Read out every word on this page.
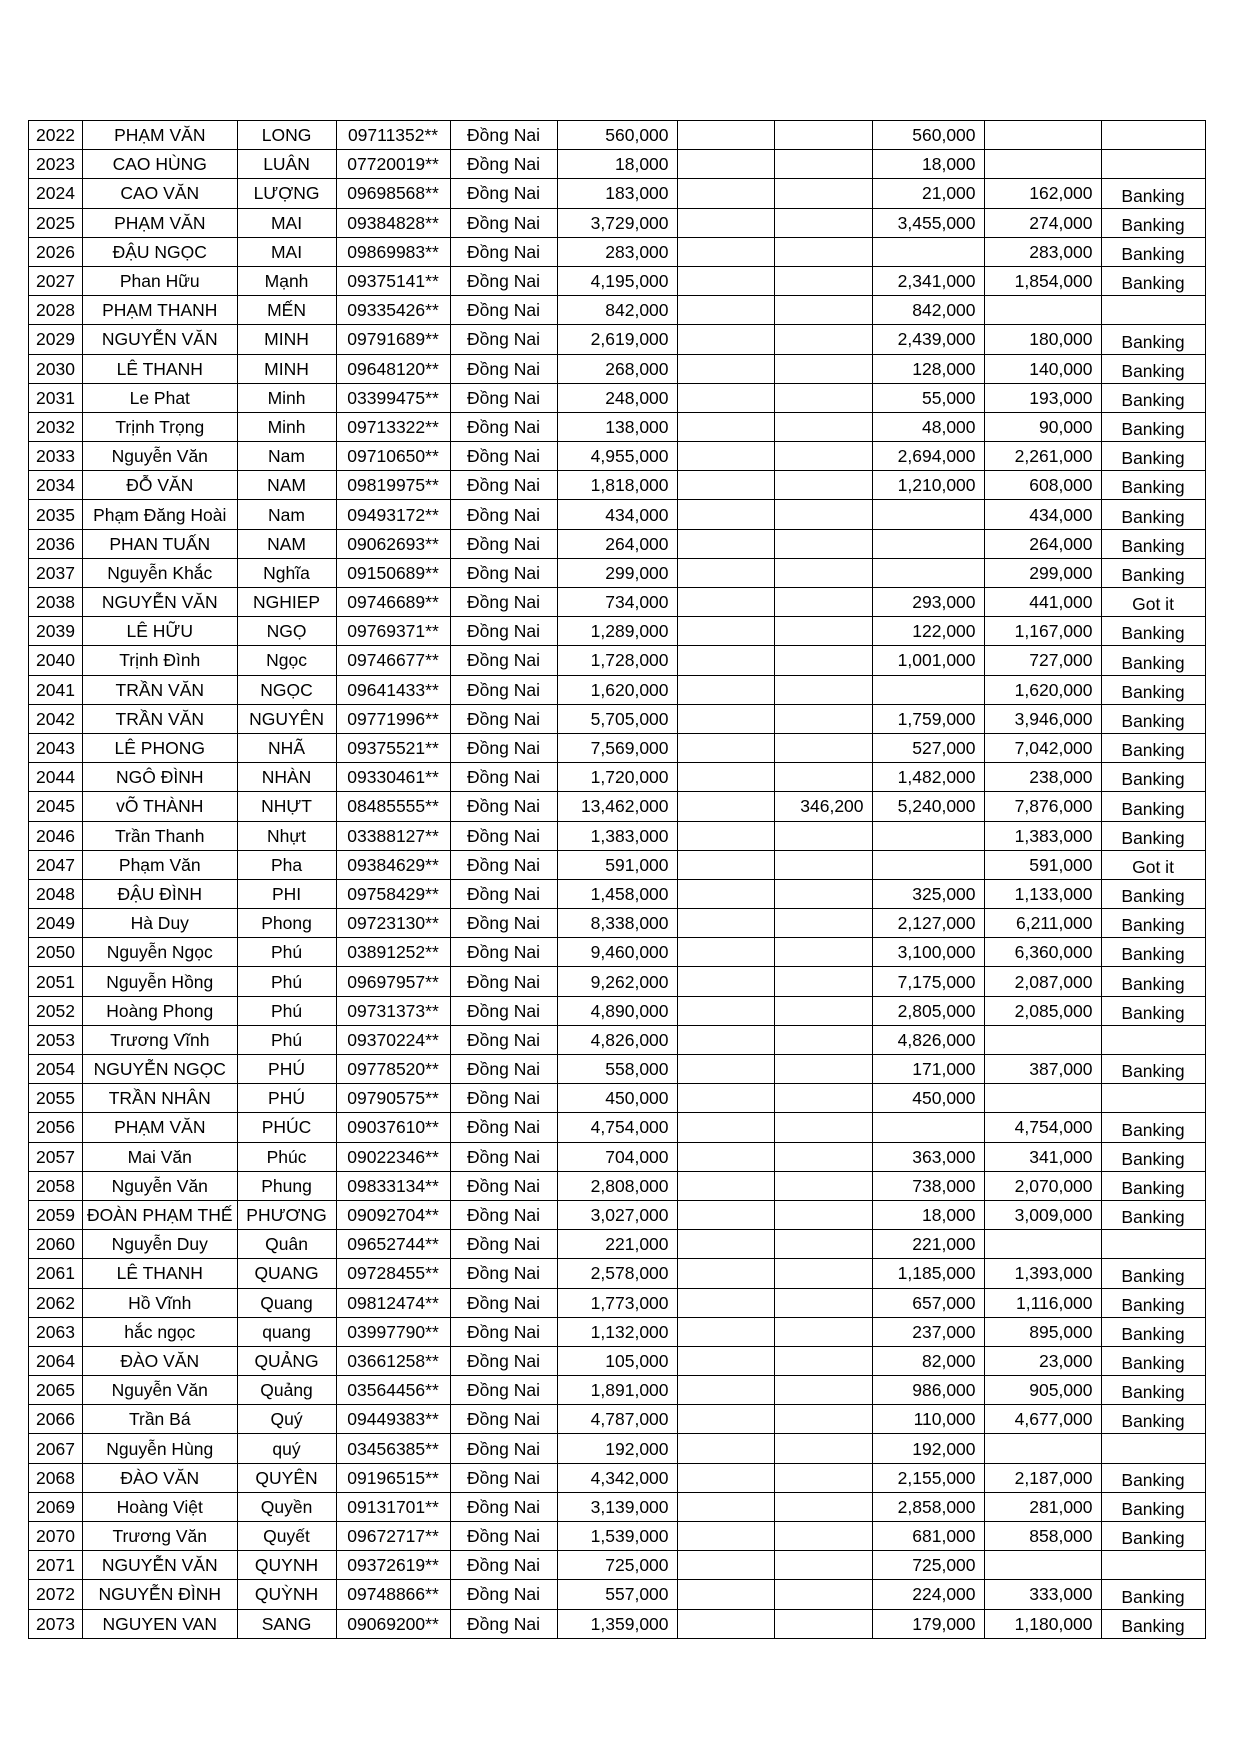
2022	PHẠM VĂN	LONG	09711352**	Đồng Nai	560,000			560,000		
2023	CAO HÙNG	LUÂN	07720019**	Đồng Nai	18,000			18,000		
2024	CAO VĂN	LƯỢNG	09698568**	Đồng Nai	183,000			21,000	162,000	Banking
2025	PHẠM VĂN	MAI	09384828**	Đồng Nai	3,729,000			3,455,000	274,000	Banking
2026	ĐẬU NGỌC	MAI	09869983**	Đồng Nai	283,000				283,000	Banking
2027	Phan Hữu	Mạnh	09375141**	Đồng Nai	4,195,000			2,341,000	1,854,000	Banking
2028	PHẠM THANH	MẾN	09335426**	Đồng Nai	842,000			842,000		
2029	NGUYỄN VĂN	MINH	09791689**	Đồng Nai	2,619,000			2,439,000	180,000	Banking
2030	LÊ THANH	MINH	09648120**	Đồng Nai	268,000			128,000	140,000	Banking
2031	Le Phat	Minh	03399475**	Đồng Nai	248,000			55,000	193,000	Banking
2032	Trịnh Trọng	Minh	09713322**	Đồng Nai	138,000			48,000	90,000	Banking
2033	Nguyễn Văn	Nam	09710650**	Đồng Nai	4,955,000			2,694,000	2,261,000	Banking
2034	ĐỖ VĂN	NAM	09819975**	Đồng Nai	1,818,000			1,210,000	608,000	Banking
2035	Phạm Đăng Hoài	Nam	09493172**	Đồng Nai	434,000				434,000	Banking
2036	PHAN TUẤN	NAM	09062693**	Đồng Nai	264,000				264,000	Banking
2037	Nguyễn Khắc	Nghĩa	09150689**	Đồng Nai	299,000				299,000	Banking
2038	NGUYỄN VĂN	NGHIEP	09746689**	Đồng Nai	734,000			293,000	441,000	Got it
2039	LÊ HỮU	NGỌ	09769371**	Đồng Nai	1,289,000			122,000	1,167,000	Banking
2040	Trịnh Đình	Ngọc	09746677**	Đồng Nai	1,728,000			1,001,000	727,000	Banking
2041	TRẦN VĂN	NGỌC	09641433**	Đồng Nai	1,620,000				1,620,000	Banking
2042	TRẦN VĂN	NGUYÊN	09771996**	Đồng Nai	5,705,000			1,759,000	3,946,000	Banking
2043	LÊ PHONG	NHÃ	09375521**	Đồng Nai	7,569,000			527,000	7,042,000	Banking
2044	NGÔ ĐÌNH	NHÀN	09330461**	Đồng Nai	1,720,000			1,482,000	238,000	Banking
2045	vÕ THÀNH	NHỰT	08485555**	Đồng Nai	13,462,000		346,200	5,240,000	7,876,000	Banking
2046	Trần Thanh	Nhựt	03388127**	Đồng Nai	1,383,000				1,383,000	Banking
2047	Phạm Văn	Pha	09384629**	Đồng Nai	591,000				591,000	Got it
2048	ĐẬU ĐÌNH	PHI	09758429**	Đồng Nai	1,458,000			325,000	1,133,000	Banking
2049	Hà Duy	Phong	09723130**	Đồng Nai	8,338,000			2,127,000	6,211,000	Banking
2050	Nguyễn Ngọc	Phú	03891252**	Đồng Nai	9,460,000			3,100,000	6,360,000	Banking
2051	Nguyễn Hồng	Phú	09697957**	Đồng Nai	9,262,000			7,175,000	2,087,000	Banking
2052	Hoàng Phong	Phú	09731373**	Đồng Nai	4,890,000			2,805,000	2,085,000	Banking
2053	Trương Vĩnh	Phú	09370224**	Đồng Nai	4,826,000			4,826,000		
2054	NGUYỄN NGỌC	PHÚ	09778520**	Đồng Nai	558,000			171,000	387,000	Banking
2055	TRẦN NHÂN	PHÚ	09790575**	Đồng Nai	450,000			450,000		
2056	PHẠM VĂN	PHÚC	09037610**	Đồng Nai	4,754,000				4,754,000	Banking
2057	Mai Văn	Phúc	09022346**	Đồng Nai	704,000			363,000	341,000	Banking
2058	Nguyễn Văn	Phung	09833134**	Đồng Nai	2,808,000			738,000	2,070,000	Banking
2059	ĐOÀN PHẠM THẾ	PHƯƠNG	09092704**	Đồng Nai	3,027,000			18,000	3,009,000	Banking
2060	Nguyễn Duy	Quân	09652744**	Đồng Nai	221,000			221,000		
2061	LÊ THANH	QUANG	09728455**	Đồng Nai	2,578,000			1,185,000	1,393,000	Banking
2062	Hồ Vĩnh	Quang	09812474**	Đồng Nai	1,773,000			657,000	1,116,000	Banking
2063	hắc ngọc	quang	03997790**	Đồng Nai	1,132,000			237,000	895,000	Banking
2064	ĐÀO VĂN	QUẢNG	03661258**	Đồng Nai	105,000			82,000	23,000	Banking
2065	Nguyễn Văn	Quảng	03564456**	Đồng Nai	1,891,000			986,000	905,000	Banking
2066	Trần Bá	Quý	09449383**	Đồng Nai	4,787,000			110,000	4,677,000	Banking
2067	Nguyễn Hùng	quý	03456385**	Đồng Nai	192,000			192,000		
2068	ĐÀO VĂN	QUYÊN	09196515**	Đồng Nai	4,342,000			2,155,000	2,187,000	Banking
2069	Hoàng Việt	Quyền	09131701**	Đồng Nai	3,139,000			2,858,000	281,000	Banking
2070	Trương Văn	Quyết	09672717**	Đồng Nai	1,539,000			681,000	858,000	Banking
2071	NGUYỄN VĂN	QUYNH	09372619**	Đồng Nai	725,000			725,000		
2072	NGUYỄN ĐÌNH	QUỲNH	09748866**	Đồng Nai	557,000			224,000	333,000	Banking
2073	NGUYEN VAN	SANG	09069200**	Đồng Nai	1,359,000			179,000	1,180,000	Banking
